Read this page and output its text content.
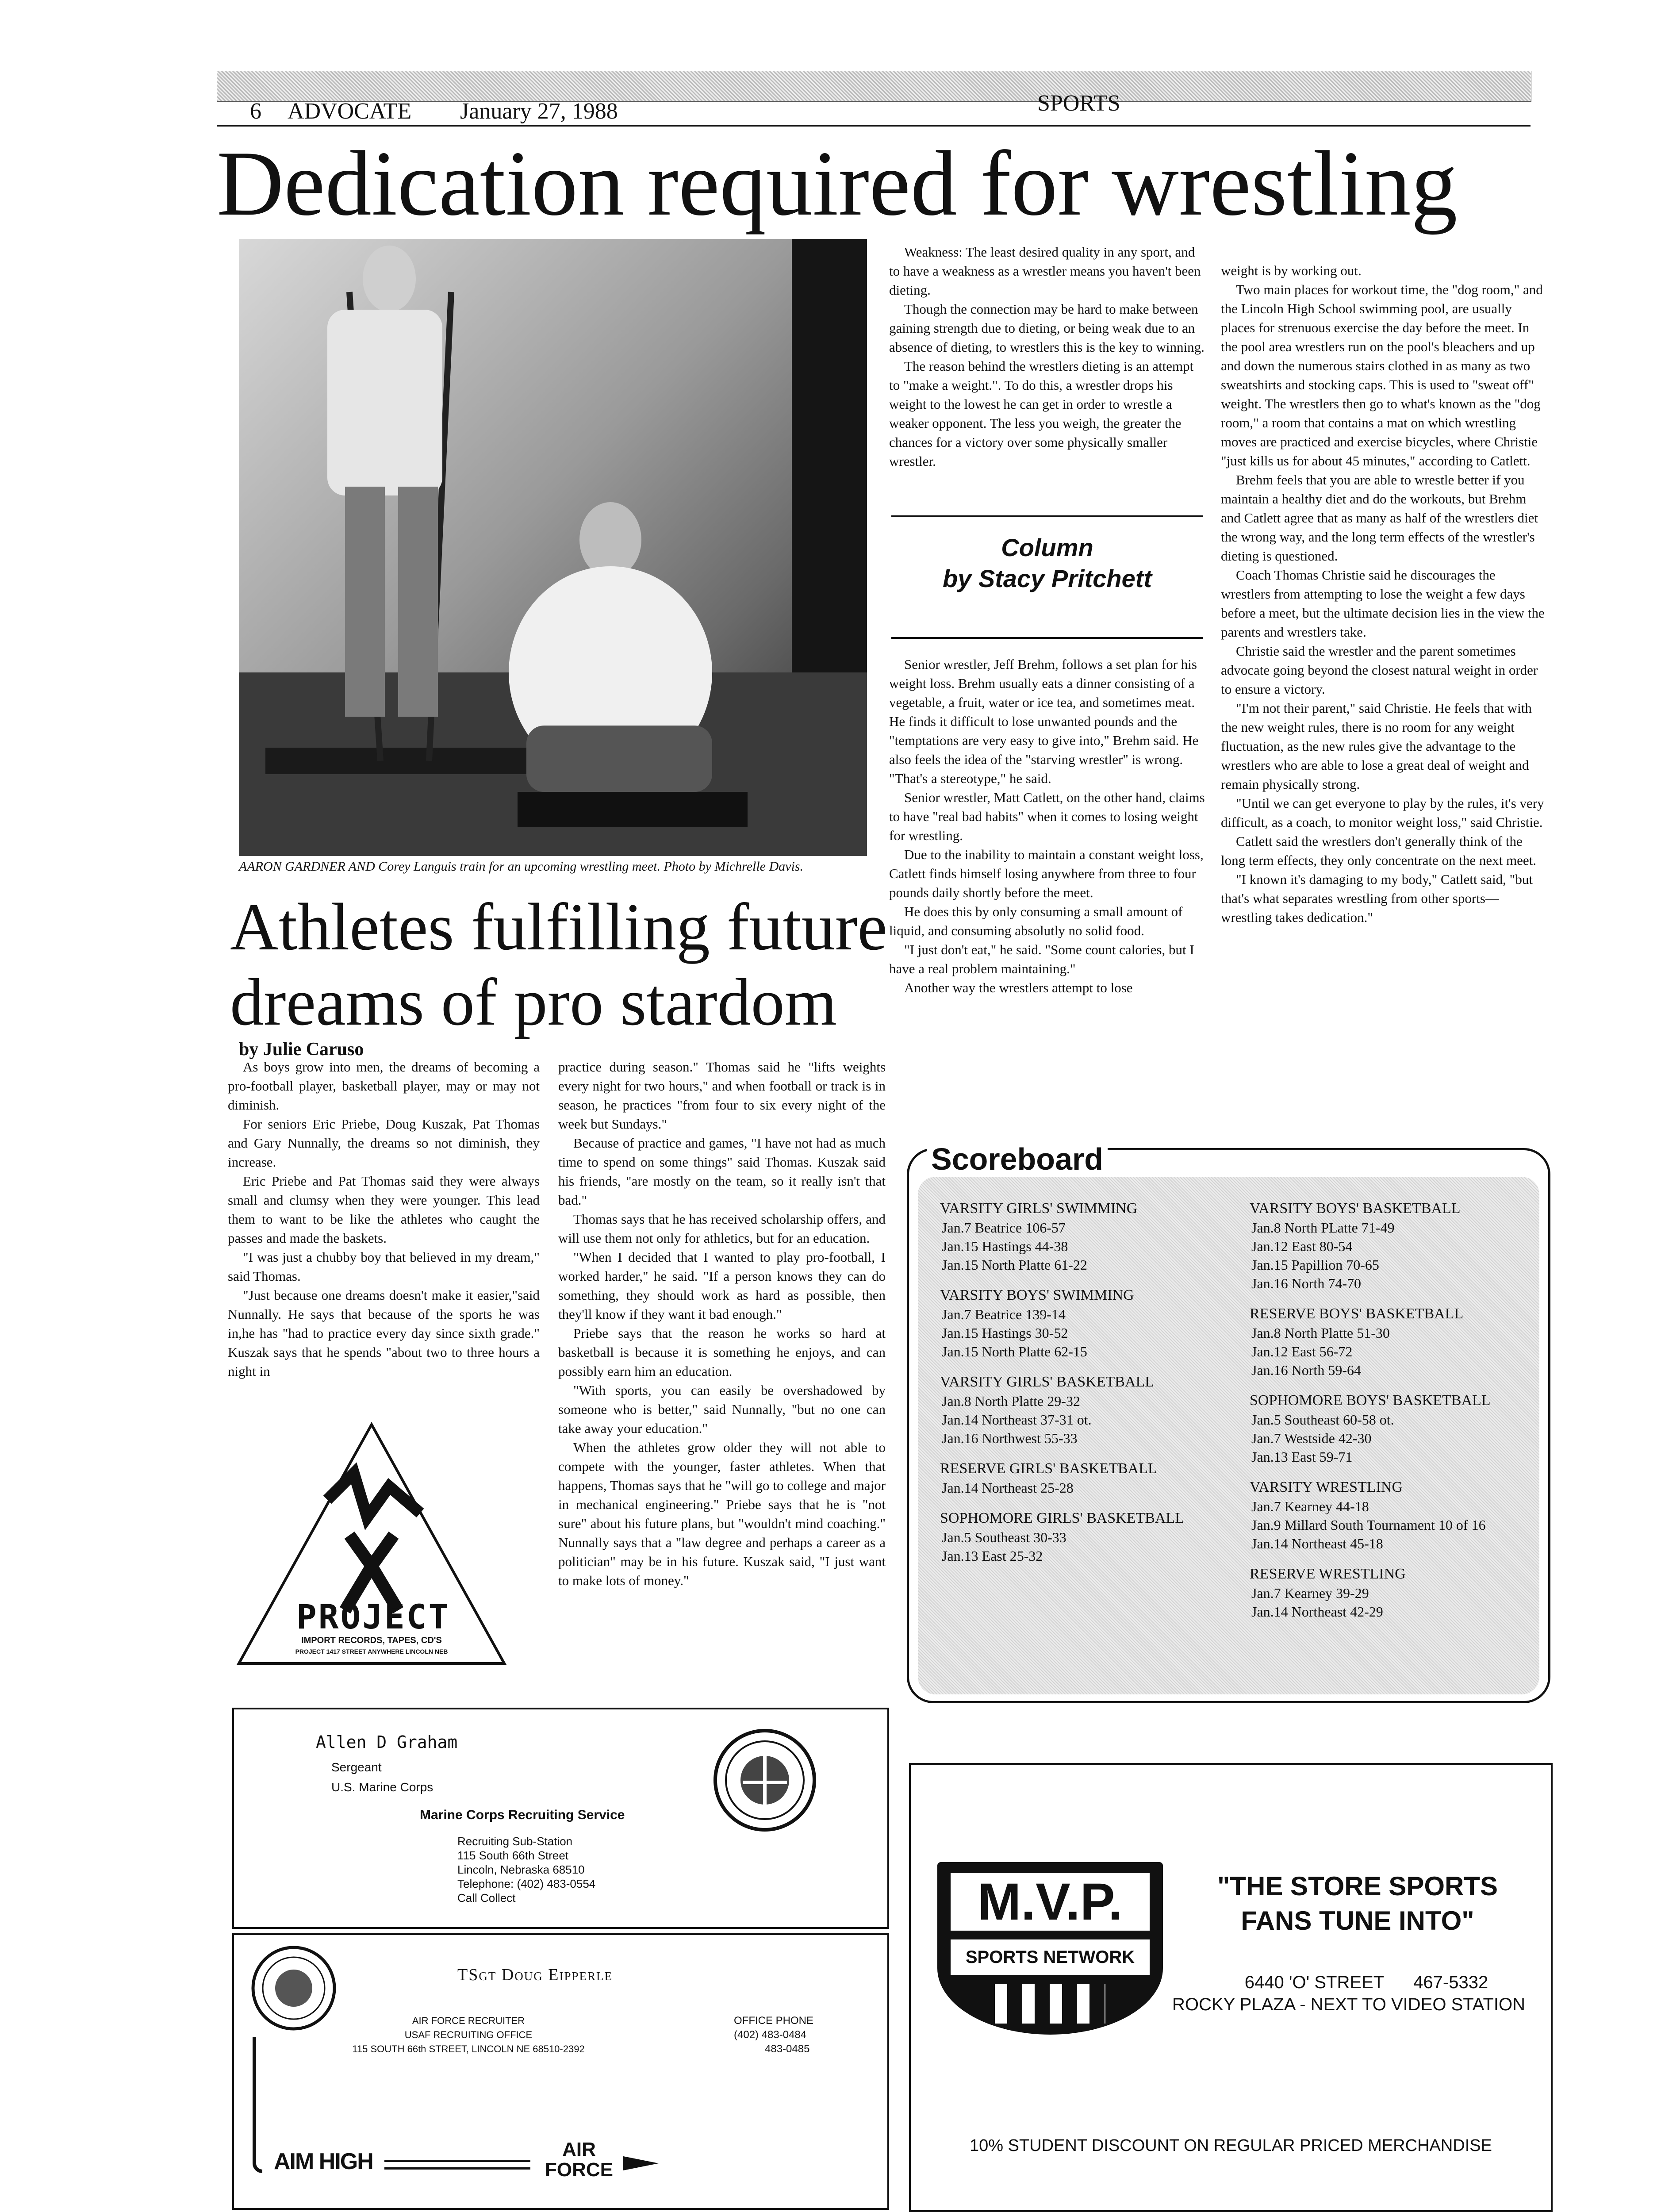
6 ADVOCATE January 27, 1988	SPORTS
Dedication required for wrestling
AARON GARDNER AND Corey Languis train for an upcoming wrestling meet. Photo by Michrelle Davis.
Athletes fulfilling future
dreams of pro stardom
by Julie Caruso

As boys grow into men, the dreams of becoming a pro-football player, basketball player, may or may not diminish.

For seniors Eric Priebe, Doug Kuszak, Pat Thomas and Gary Nunnally, the dreams so not diminish, they increase.

Eric Priebe and Pat Thomas said they were always small and clumsy when they were younger. This lead them to want to be like the athletes who caught the passes and made the baskets.

"I was just a chubby boy that believed in my dream," said Thomas.

"Just because one dreams doesn't make it easier,"said Nunnally. He says that because of the sports he was in,he has "had to practice every day since sixth grade." Kuszak says that he spends "about two to three hours a night in

PROJECT
IMPORT RECORDS, TAPES, CD'S
PROJECT 1417 STREET ANYWHERE LINCOLN NEB

practice during season." Thomas said he "lifts weights every night for two hours," and when football or track is in season, he practices "from four to six every night of the week but Sundays."

Because of practice and games, "I have not had as much time to spend on some things" said Thomas. Kuszak said his friends, "are mostly on the team, so it really isn't that bad."

Thomas says that he has received scholarship offers, and will use them not only for athletics, but for an education.

"When I decided that I wanted to play pro-football, I worked harder," he said. "If a person knows they can do something, they should work as hard as possible, then they'll know if they want it bad enough."

Priebe says that the reason he works so hard at basketball is because it is something he enjoys, and can possibly earn him an education.

"With sports, you can easily be overshadowed by someone who is better," said Nunnally, "but no one can take away your education."

When the athletes grow older they will not able to compete with the younger, faster athletes. When that happens, Thomas says that he "will go to college and major in mechanical engineering." Priebe says that he is "not sure" about his future plans, but "wouldn't mind coaching." Nunnally says that a "law degree and perhaps a career as a politician" may be in his future. Kuszak said, "I just want to make lots of money."

Weakness: The least desired quality in any sport, and to have a weakness as a wrestler means you haven't been dieting.

Though the connection may be hard to make between gaining strength due to dieting, or being weak due to an absence of dieting, to wrestlers this is the key to winning.

The reason behind the wrestlers dieting is an attempt to "make a weight.". To do this, a wrestler drops his weight to the lowest he can get in order to wrestle a weaker opponent. The less you weigh, the greater the chances for a victory over some physically smaller wrestler.

Column
by Stacy Pritchett

Senior wrestler, Jeff Brehm, follows a set plan for his weight loss. Brehm usually eats a dinner consisting of a vegetable, a fruit, water or ice tea, and sometimes meat. He finds it difficult to lose unwanted pounds and the "temptations are very easy to give into," Brehm said. He also feels the idea of the "starving wrestler" is wrong. "That's a stereotype," he said.

Senior wrestler, Matt Catlett, on the other hand, claims to have "real bad habits" when it comes to losing weight for wrestling.

Due to the inability to maintain a constant weight loss, Catlett finds himself losing anywhere from three to four pounds daily shortly before the meet.

He does this by only consuming a small amount of liquid, and consuming absolutly no solid food.

"I just don't eat," he said. "Some count calories, but I have a real problem maintaining."

Another way the wrestlers attempt to lose

weight is by working out.

Two main places for workout time, the "dog room," and the Lincoln High School swimming pool, are usually places for strenuous exercise the day before the meet. In the pool area wrestlers run on the pool's bleachers and up and down the numerous stairs clothed in as many as two sweatshirts and stocking caps. This is used to "sweat off" weight. The wrestlers then go to what's known as the "dog room," a room that contains a mat on which wrestling moves are practiced and exercise bicycles, where Christie "just kills us for about 45 minutes," according to Catlett.

Brehm feels that you are able to wrestle better if you maintain a healthy diet and do the workouts, but Brehm and Catlett agree that as many as half of the wrestlers diet the wrong way, and the long term effects of the wrestler's dieting is questioned.

Coach Thomas Christie said he discourages the wrestlers from attempting to lose the weight a few days before a meet, but the ultimate decision lies in the view the parents and wrestlers take.

Christie said the wrestler and the parent sometimes advocate going beyond the closest natural weight in order to ensure a victory.

"I'm not their parent," said Christie. He feels that with the new weight rules, there is no room for any weight fluctuation, as the new rules give the advantage to the wrestlers who are able to lose a great deal of weight and remain physically strong.

"Until we can get everyone to play by the rules, it's very difficult, as a coach, to monitor weight loss," said Christie.

Catlett said the wrestlers don't generally think of the long term effects, they only concentrate on the next meet.

"I known it's damaging to my body," Catlett said, "but that's what separates wrestling from other sports—wrestling takes dedication."

Scoreboard
VARSITY GIRLS' SWIMMING
Jan.7 Beatrice 106-57
Jan.15 Hastings 44-38
Jan.15 North Platte 61-22
VARSITY BOYS' SWIMMING
Jan.7 Beatrice 139-14
Jan.15 Hastings 30-52
Jan.15 North Platte 62-15
VARSITY GIRLS' BASKETBALL
Jan.8 North Platte 29-32
Jan.14 Northeast 37-31 ot.
Jan.16 Northwest 55-33
RESERVE GIRLS' BASKETBALL
Jan.14 Northeast 25-28
SOPHOMORE GIRLS' BASKETBALL
Jan.5 Southeast 30-33
Jan.13 East 25-32
VARSITY BOYS' BASKETBALL
Jan.8 North PLatte 71-49
Jan.12 East 80-54
Jan.15 Papillion 70-65
Jan.16 North 74-70
RESERVE BOYS' BASKETBALL
Jan.8 North Platte 51-30
Jan.12 East 56-72
Jan.16 North 59-64
SOPHOMORE BOYS' BASKETBALL
Jan.5 Southeast 60-58 ot.
Jan.7 Westside 42-30
Jan.13 East 59-71
VARSITY WRESTLING
Jan.7 Kearney 44-18
Jan.9 Millard South Tournament 10 of 16
Jan.14 Northeast 45-18
RESERVE WRESTLING
Jan.7 Kearney 39-29
Jan.14 Northeast 42-29
Allen D Graham
Sergeant
U.S. Marine Corps
Marine Corps Recruiting Service
Recruiting Sub-Station
115 South 66th Street
Lincoln, Nebraska 68510
Telephone: (402) 483-0554
Call Collect
TSgt Doug Eipperle
AIR FORCE RECRUITER
USAF RECRUITING OFFICE
115 SOUTH 66th STREET, LINCOLN NE 68510-2392
OFFICE PHONE
(402) 483-0484
483-0485
AIM HIGH	AIR FORCE
M.V.P.
SPORTS NETWORK
"THE STORE SPORTS
FANS TUNE INTO"
6440 'O' STREET      467-5332
ROCKY PLAZA - NEXT TO VIDEO STATION
10% STUDENT DISCOUNT ON REGULAR PRICED MERCHANDISE
